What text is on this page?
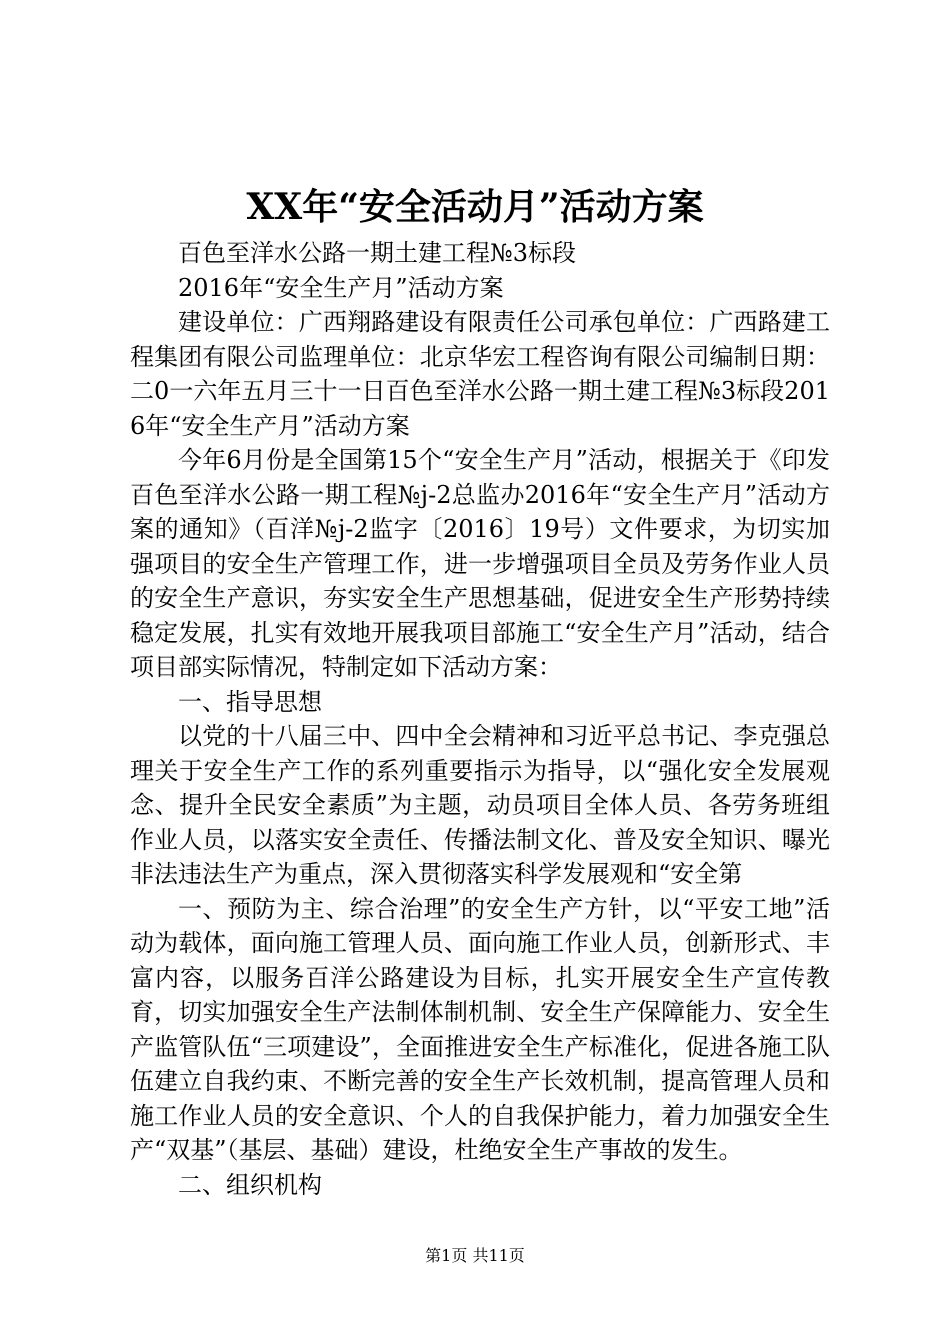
XX年“安全活动月”活动方案

百色至洋水公路一期土建工程№3标段

2016年“安全生产月”活动方案

建设单位：广西翔路建设有限责任公司承包单位：广西路建工程集团有限公司监理单位：北京华宏工程咨询有限公司编制日期：二0一六年五月三十一日百色至洋水公路一期土建工程№3标段2016年“安全生产月”活动方案

今年6月份是全国第15个“安全生产月”活动，根据关于《印发百色至洋水公路一期工程№j-2总监办2016年“安全生产月”活动方案的通知》（百洋№j-2监字〔2016〕19号）文件要求，为切实加强项目的安全生产管理工作，进一步增强项目全员及劳务作业人员的安全生产意识，夯实安全生产思想基础，促进安全生产形势持续稳定发展，扎实有效地开展我项目部施工“安全生产月”活动，结合项目部实际情况，特制定如下活动方案：

一、指导思想

以党的十八届三中、四中全会精神和习近平总书记、李克强总理关于安全生产工作的系列重要指示为指导，以“强化安全发展观念、提升全民安全素质”为主题，动员项目全体人员、各劳务班组作业人员，以落实安全责任、传播法制文化、普及安全知识、曝光非法违法生产为重点，深入贯彻落实科学发展观和“安全第

一、预防为主、综合治理”的安全生产方针，以“平安工地”活动为载体，面向施工管理人员、面向施工作业人员，创新形式、丰富内容，以服务百洋公路建设为目标，扎实开展安全生产宣传教育，切实加强安全生产法制体制机制、安全生产保障能力、安全生产监管队伍“三项建设”，全面推进安全生产标准化，促进各施工队伍建立自我约束、不断完善的安全生产长效机制，提高管理人员和施工作业人员的安全意识、个人的自我保护能力，着力加强安全生产“双基”（基层、基础）建设，杜绝安全生产事故的发生。

二、组织机构

第1页 共11页
